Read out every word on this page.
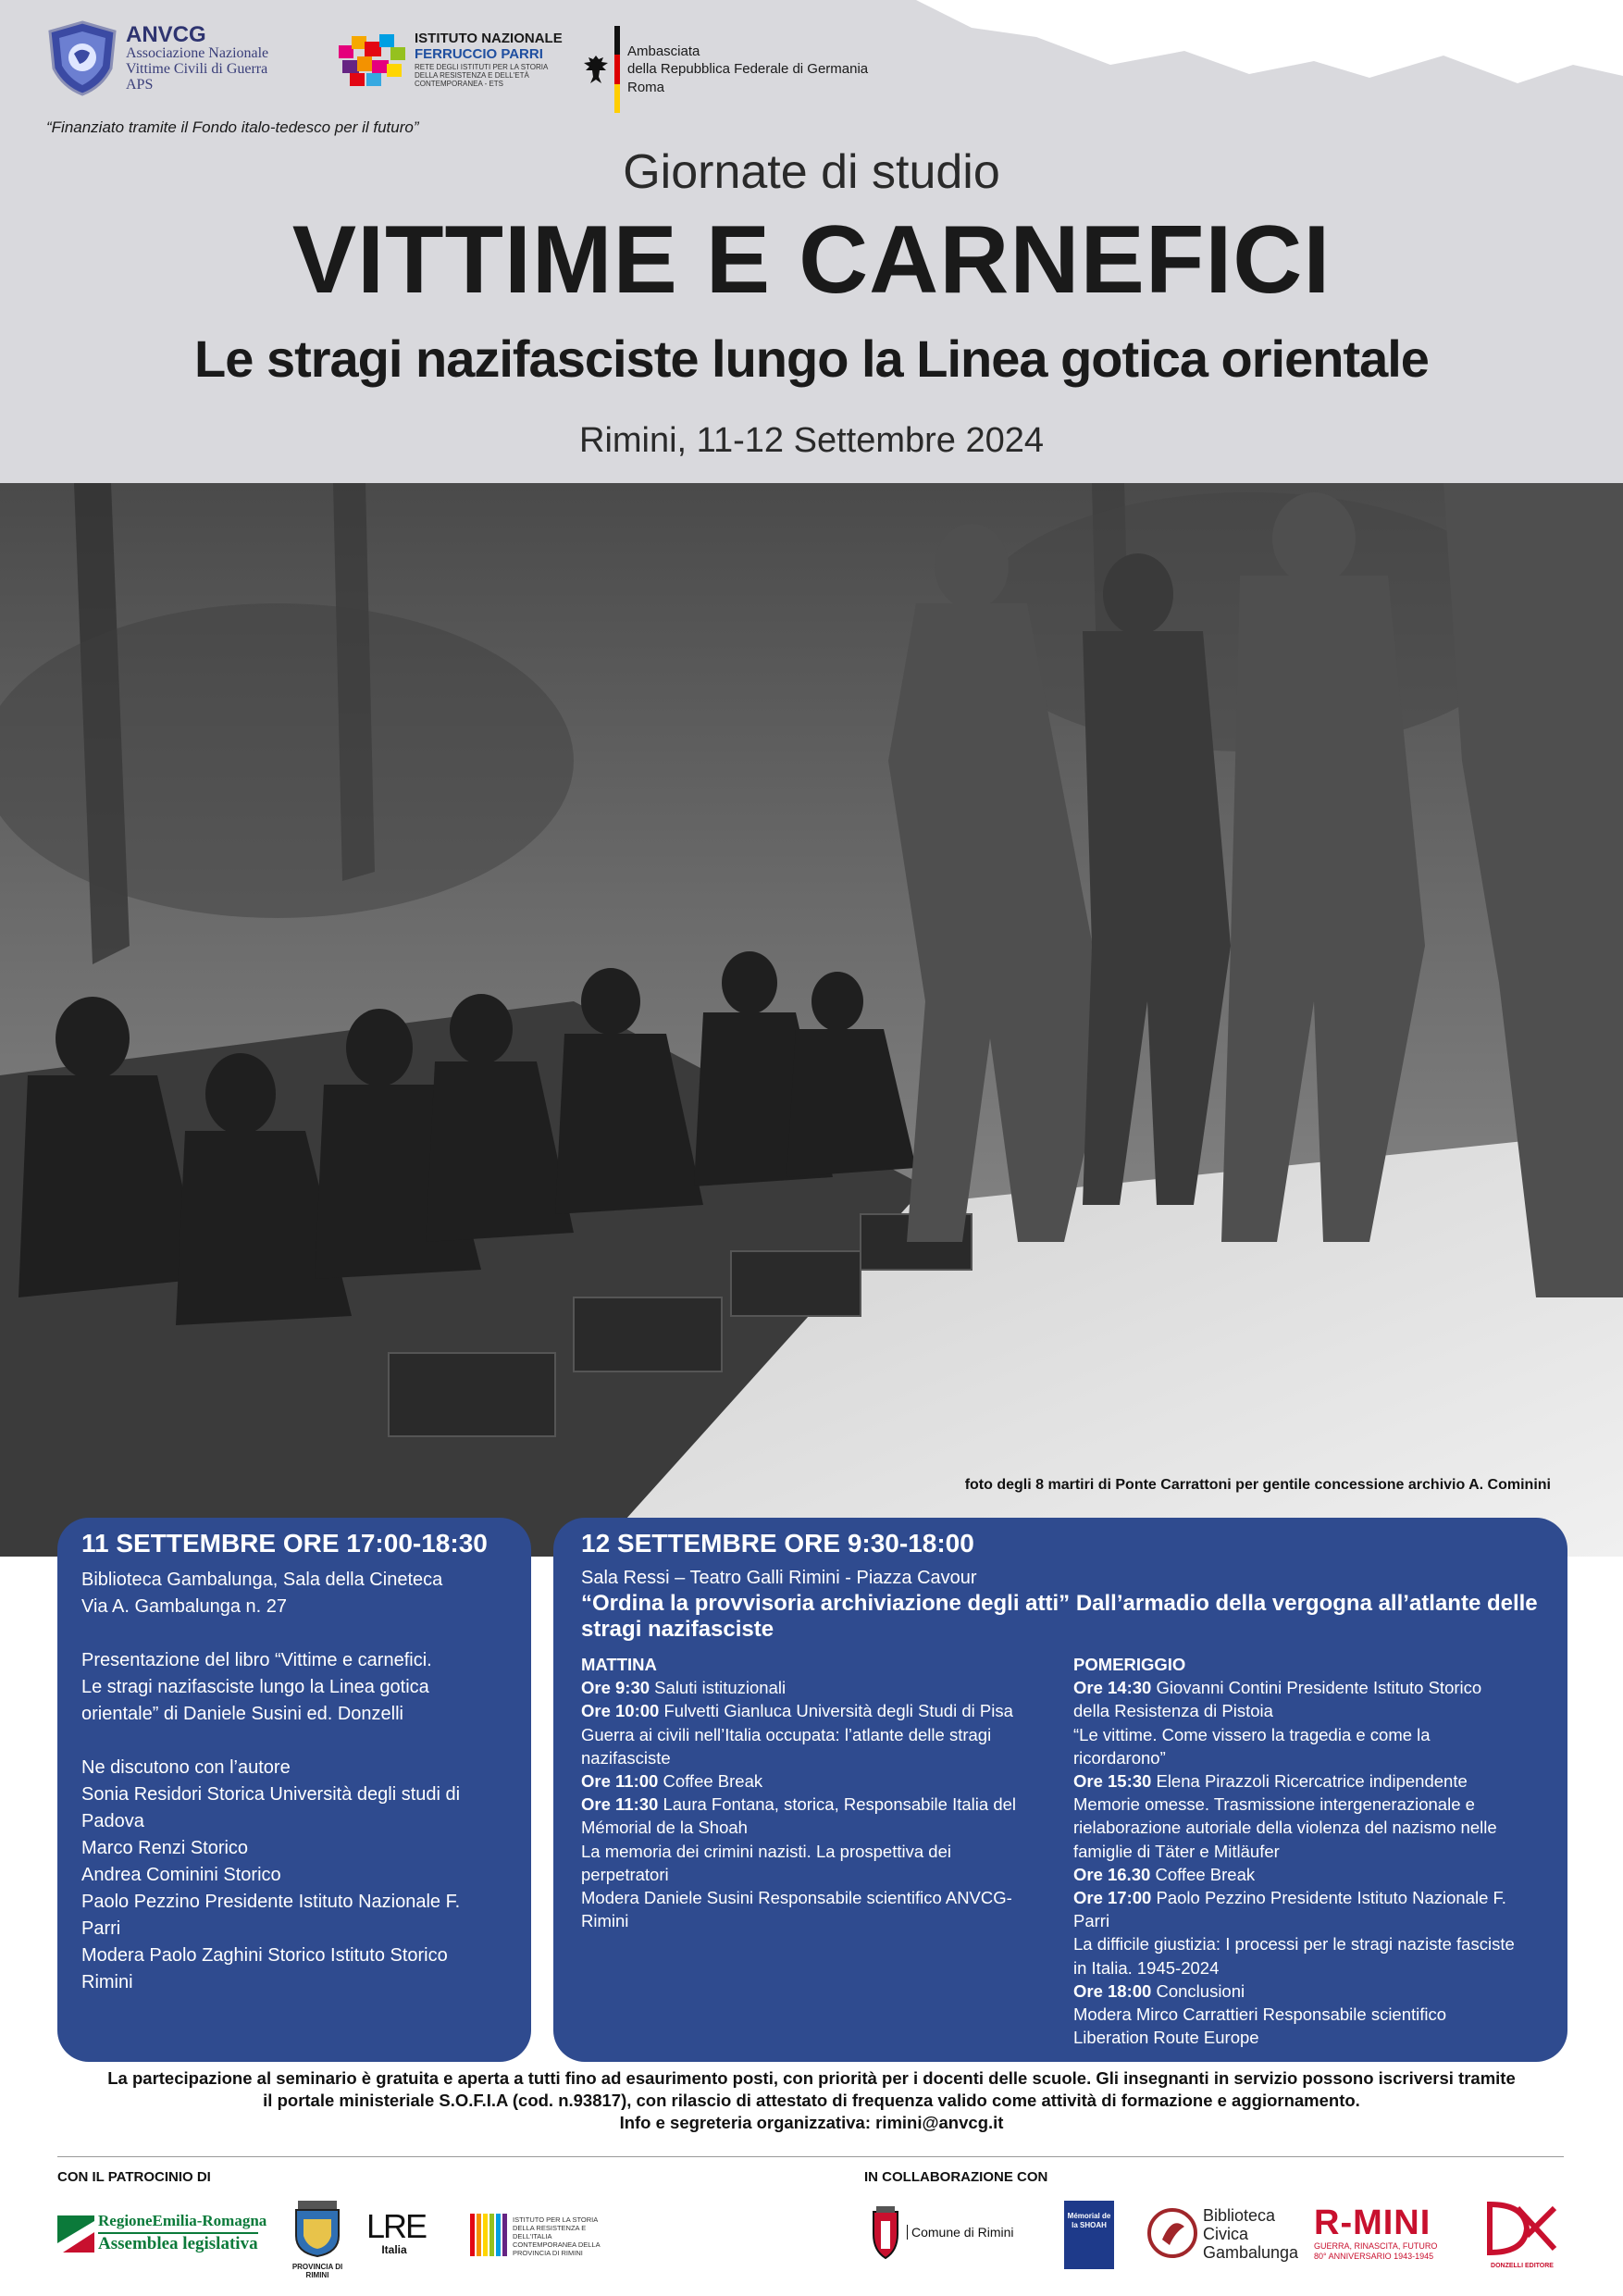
ANVCG
Associazione Nazionale
Vittime Civili di Guerra
APS
ISTITUTO NAZIONALE
FERRUCCIO PARRI
RETE DEGLI ISTITUTI PER LA STORIA DELLA RESISTENZA E DELL'ETÀ CONTEMPORANEA - ETS
Ambasciata
della Repubblica Federale di Germania
Roma
“Finanziato tramite il Fondo italo-tedesco per il futuro”
Giornate di studio
VITTIME E CARNEFICI
Le stragi nazifasciste lungo la Linea gotica orientale
Rimini, 11-12 Settembre 2024
foto degli 8 martiri di Ponte Carrattoni per gentile concessione archivio A. Cominini
11 SETTEMBRE ORE 17:00-18:30
Biblioteca Gambalunga, Sala della Cineteca
Via A. Gambalunga n. 27
Presentazione del libro “Vittime e carnefici.
Le stragi nazifasciste lungo la Linea gotica
orientale” di Daniele Susini ed. Donzelli
Ne discutono con l’autore
Sonia Residori Storica Università degli studi di
Padova
Marco Renzi Storico
Andrea Cominini Storico
Paolo Pezzino Presidente Istituto Nazionale F.
Parri
Modera Paolo Zaghini Storico Istituto Storico
Rimini
12 SETTEMBRE ORE 9:30-18:00
Sala Ressi – Teatro Galli Rimini - Piazza Cavour
“Ordina la provvisoria archiviazione degli atti” Dall’armadio della vergogna all’atlante delle
stragi nazifasciste
MATTINA
Ore 9:30 Saluti istituzionali
Ore 10:00 Fulvetti Gianluca Università degli Studi di Pisa
Guerra ai civili nell’Italia occupata: l’atlante delle stragi
nazifasciste
Ore 11:00 Coffee Break
Ore 11:30 Laura Fontana, storica, Responsabile Italia del
Mémorial de la Shoah
La memoria dei crimini nazisti. La prospettiva dei
perpetratori
Modera Daniele Susini Responsabile scientifico ANVCG-
Rimini
POMERIGGIO
Ore 14:30 Giovanni Contini Presidente Istituto Storico
della Resistenza di Pistoia
“Le vittime. Come vissero la tragedia e come la
ricordarono”
Ore 15:30 Elena Pirazzoli Ricercatrice indipendente
Memorie omesse. Trasmissione intergenerazionale e
rielaborazione autoriale della violenza del nazismo nelle
famiglie di Täter e Mitläufer
Ore 16.30 Coffee Break
Ore 17:00 Paolo Pezzino Presidente Istituto Nazionale F.
Parri
La difficile giustizia: I processi per le stragi naziste fasciste
in Italia. 1945-2024
Ore 18:00 Conclusioni
Modera Mirco Carrattieri Responsabile scientifico
Liberation Route Europe
La partecipazione al seminario è gratuita e aperta a tutti fino ad esaurimento posti, con priorità per i docenti delle scuole. Gli insegnanti in servizio possono iscriversi tramite
il portale ministeriale S.O.F.I.A (cod. n.93817), con rilascio di attestato di frequenza valido come attività di formazione e aggiornamento.
Info e segreteria organizzativa: rimini@anvcg.it
CON IL PATROCINIO DI
RegioneEmilia-Romagna
Assemblea legislativa
PROVINCIA DI RIMINI
LRE
Italia
ISTITUTO PER LA STORIA DELLA RESISTENZA E DELL'ITALIA CONTEMPORANEA DELLA PROVINCIA DI RIMINI
IN COLLABORAZIONE CON
Comune di Rimini
Mémorial de la SHOAH
Biblioteca
Civica
Gambalunga
R-MINI
GUERRA, RINASCITA, FUTURO
80° ANNIVERSARIO 1943-1945
DONZELLI EDITORE
